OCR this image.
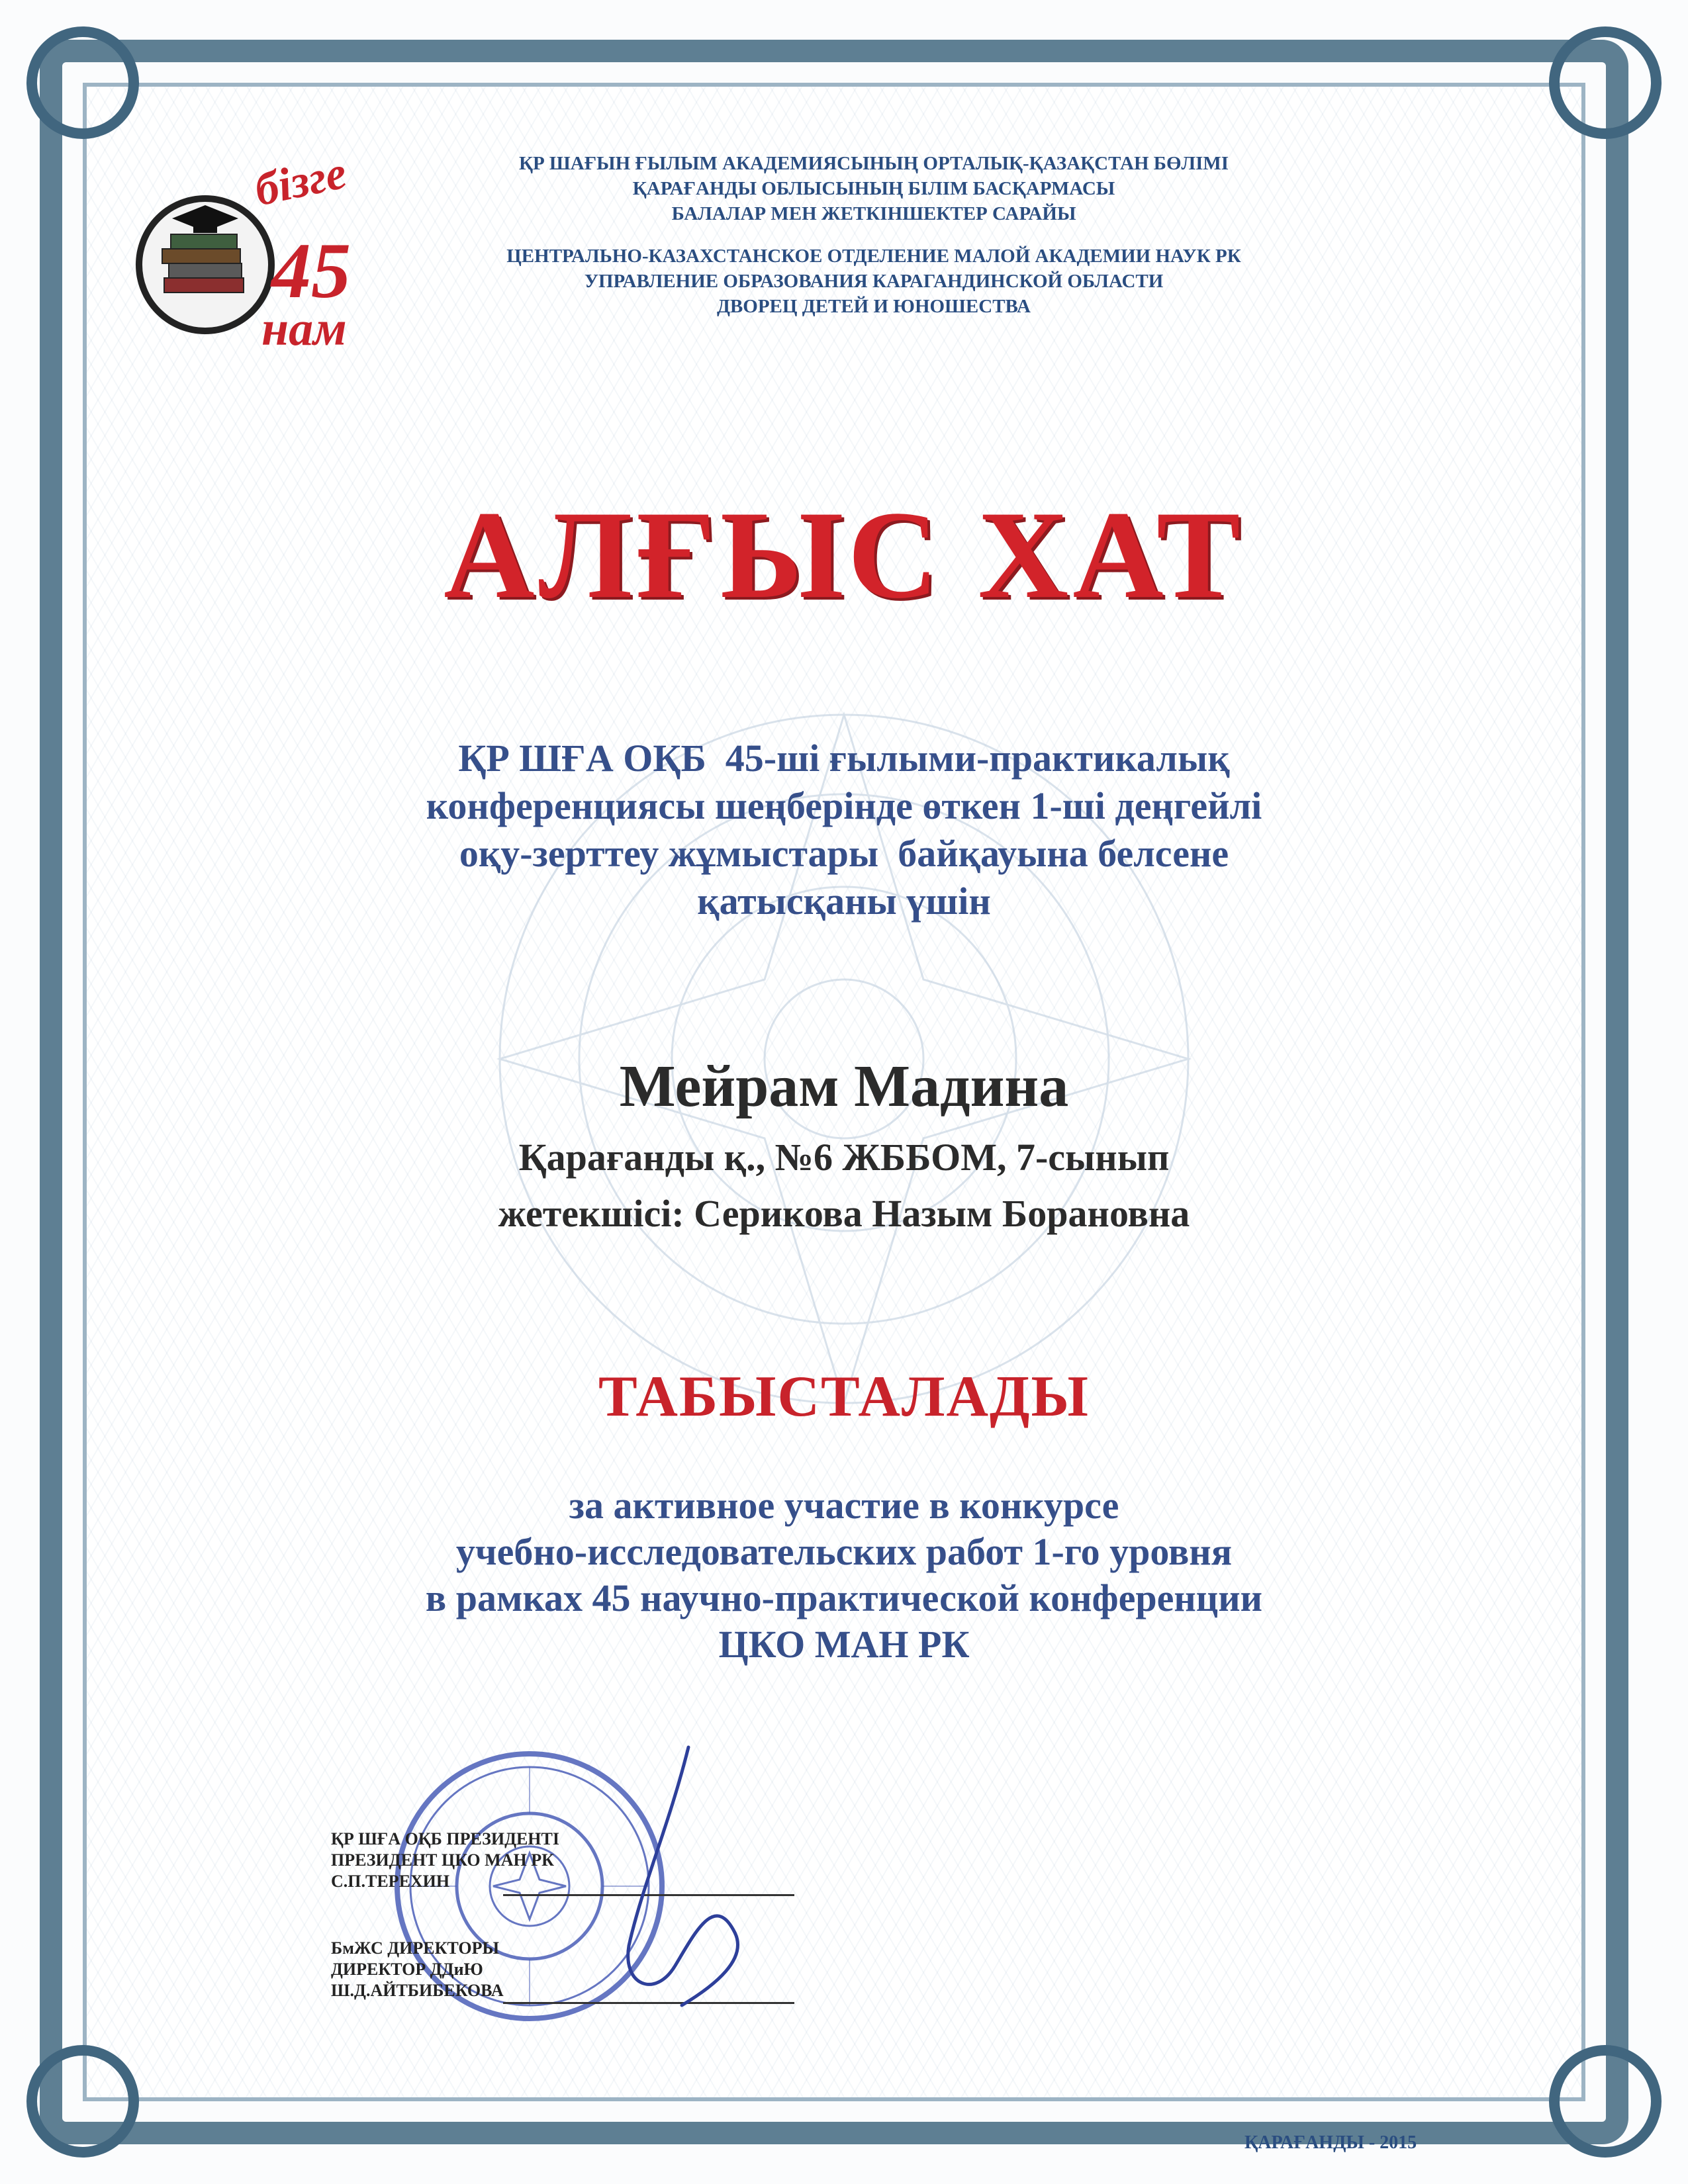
бізге
45
нам
ҚР ШАҒЫН ҒЫЛЫМ АКАДЕМИЯСЫНЫҢ ОРТАЛЫҚ-ҚАЗАҚСТАН БӨЛІМІ
ҚАРАҒАНДЫ ОБЛЫСЫНЫҢ БІЛІМ БАСҚАРМАСЫ
БАЛАЛАР МЕН ЖЕТКІНШЕКТЕР САРАЙЫ
ЦЕНТРАЛЬНО-КАЗАХСТАНСКОЕ ОТДЕЛЕНИЕ МАЛОЙ АКАДЕМИИ НАУК РК
УПРАВЛЕНИЕ ОБРАЗОВАНИЯ КАРАГАНДИНСКОЙ ОБЛАСТИ
ДВОРЕЦ ДЕТЕЙ И ЮНОШЕСТВА
АЛҒЫС ХАТ
ҚР ШҒА ОҚБ  45-ші ғылыми-практикалық
конференциясы шеңберінде өткен 1-ші деңгейлі
оқу-зерттеу жұмыстары  байқауына белсене
қатысқаны үшін
Мейрам Мадина
Қарағанды қ., №6 ЖББОМ, 7-сынып
жетекшісі: Серикова Назым Борановна
ТАБЫСТАЛАДЫ
за активное участие в конкурсе
учебно-исследовательских работ 1-го уровня
в рамках 45 научно-практической конференции
ЦКО МАН РК
ҚР ШҒА ОҚБ ПРЕЗИДЕНТІ
ПРЕЗИДЕНТ ЦКО МАН РК
С.П.ТЕРЕХИН
БмЖС ДИРЕКТОРЫ
ДИРЕКТОР ДДиЮ
Ш.Д.АЙТБИБЕКОВА
ҚАРАҒАНДЫ - 2015
